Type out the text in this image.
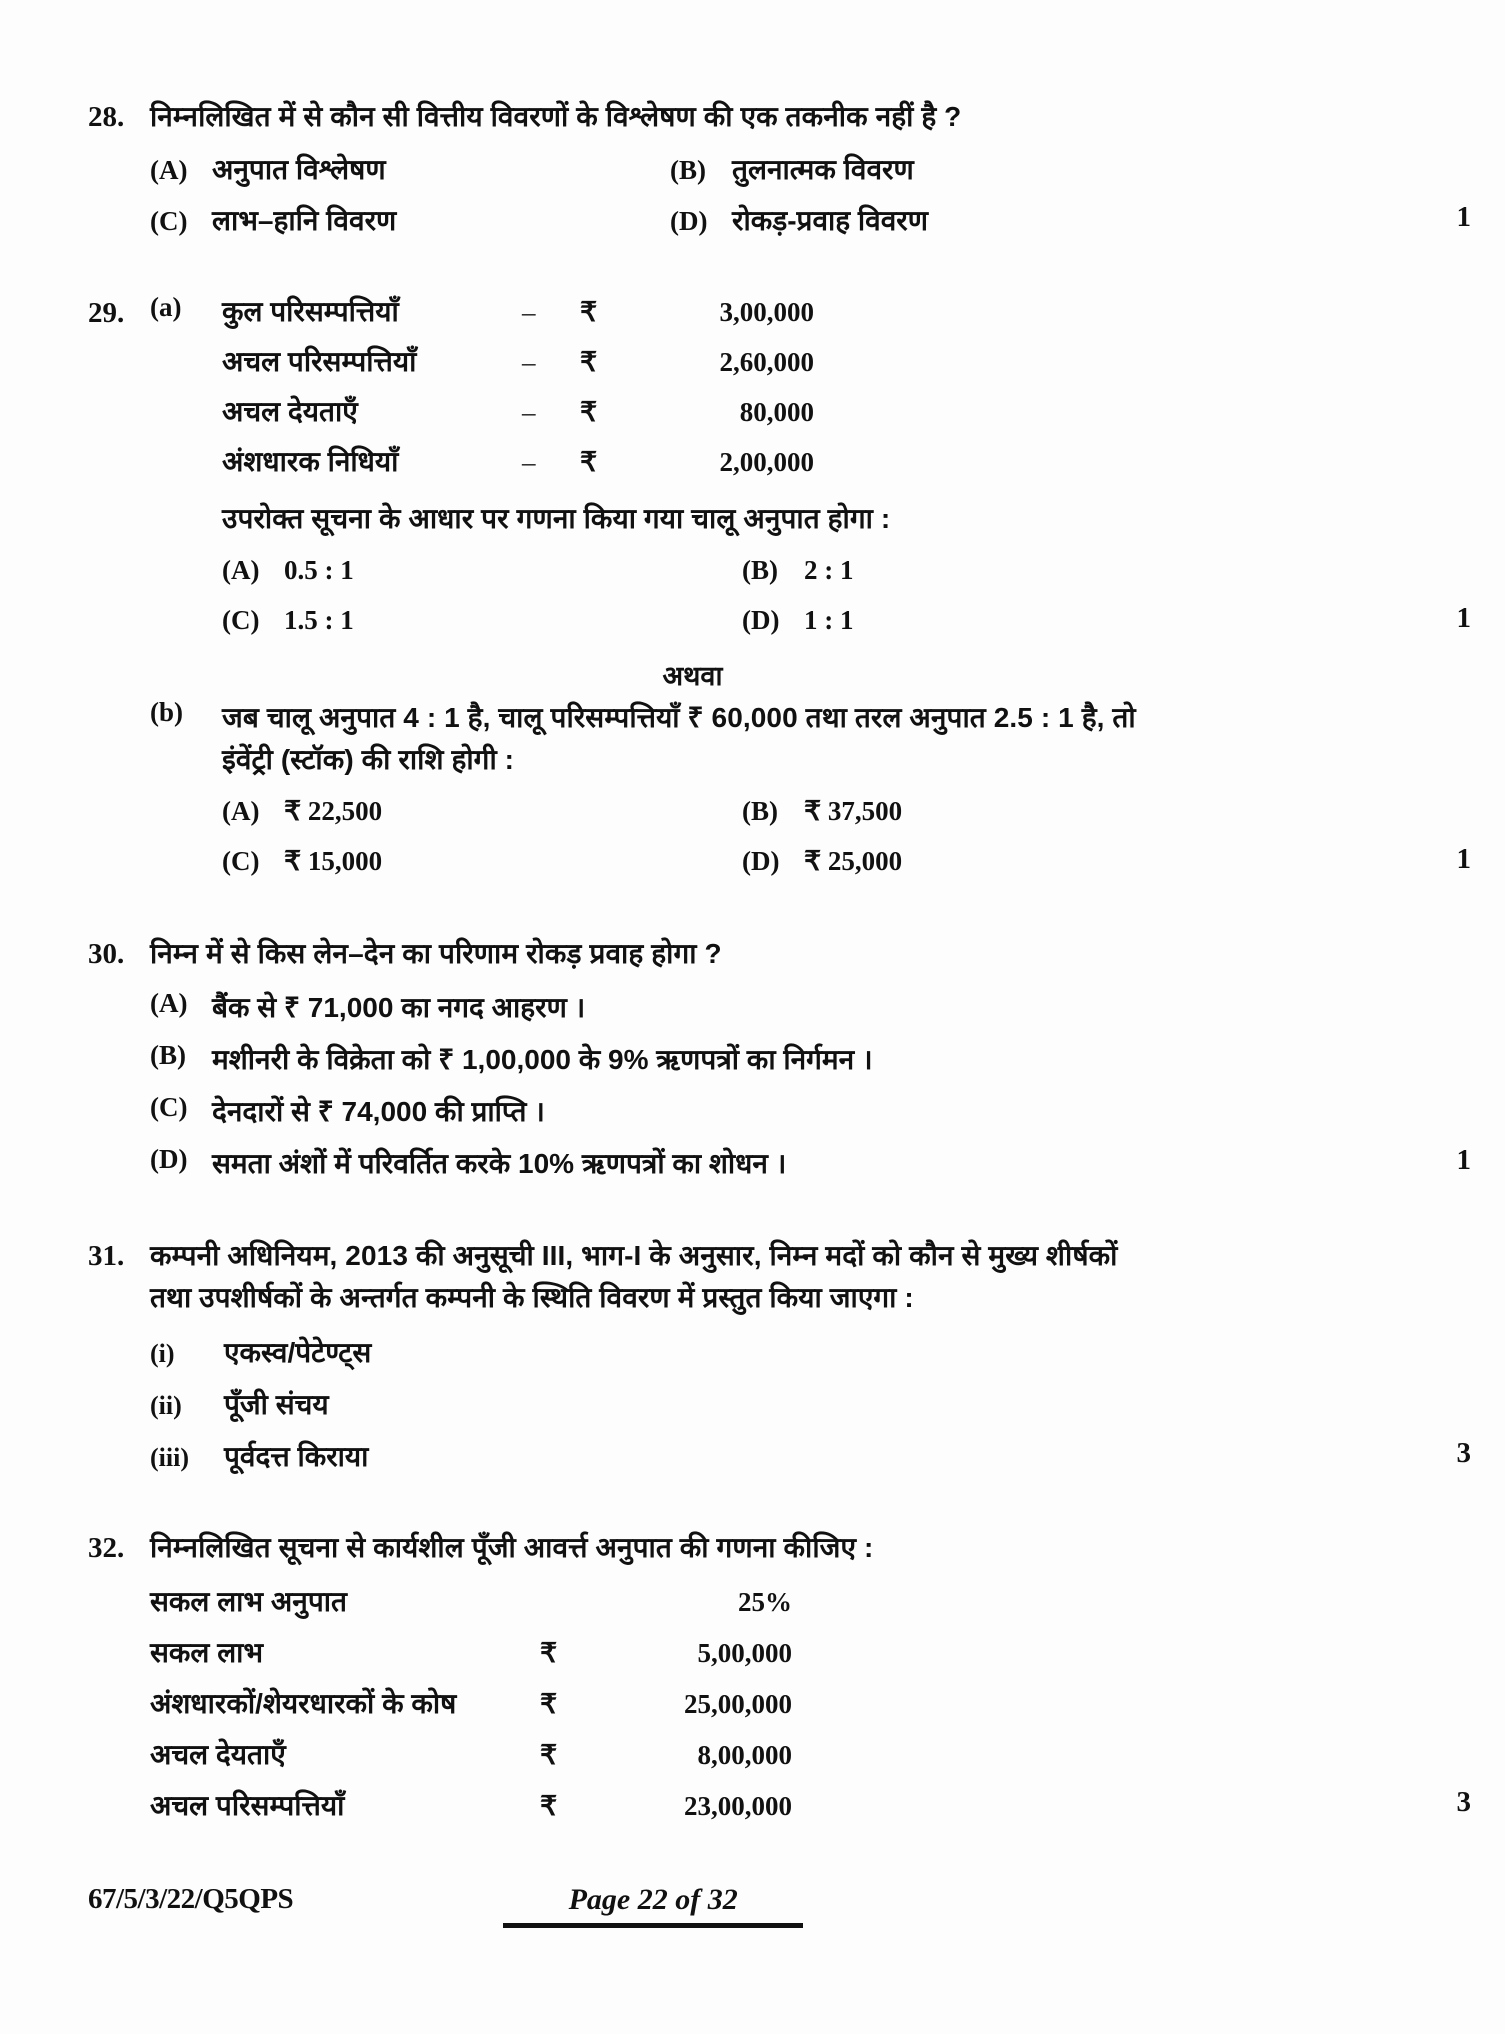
28. निम्नलिखित में से कौन सी वित्तीय विवरणों के विश्लेषण की एक तकनीक नहीं है ?
(A) अनुपात विश्लेषण	(B) तुलनात्मक विवरण
(C) लाभ–हानि विवरण	(D) रोकड़-प्रवाह विवरण	1
29. (a)	कुल परिसम्पत्तियाँ	–	₹	3,00,000
अचल परिसम्पत्तियाँ	–	₹	2,60,000
अचल देयताएँ	–	₹	80,000
अंशधारक निधियाँ	–	₹	2,00,000
उपरोक्त सूचना के आधार पर गणना किया गया चालू अनुपात होगा :
(A) 0.5 : 1	(B) 2 : 1
(C) 1.5 : 1	(D) 1 : 1	1
अथवा
(b)	जब चालू अनुपात 4 : 1 है, चालू परिसम्पत्तियाँ ₹ 60,000 तथा तरल अनुपात 2.5 : 1 है, तो
इंवेंट्री (स्टॉक) की राशि होगी :
(A) ₹ 22,500	(B) ₹ 37,500
(C) ₹ 15,000	(D) ₹ 25,000	1
30. निम्न में से किस लेन–देन का परिणाम रोकड़ प्रवाह होगा ?
(A) बैंक से ₹ 71,000 का नगद आहरण ।
(B) मशीनरी के विक्रेता को ₹ 1,00,000 के 9% ऋणपत्रों का निर्गमन ।
(C) देनदारों से ₹ 74,000 की प्राप्ति ।
(D) समता अंशों में परिवर्तित करके 10% ऋणपत्रों का शोधन ।	1
31. कम्पनी अधिनियम, 2013 की अनुसूची III, भाग-I के अनुसार, निम्न मदों को कौन से मुख्य शीर्षकों
तथा उपशीर्षकों के अन्तर्गत कम्पनी के स्थिति विवरण में प्रस्तुत किया जाएगा :
(i)	एकस्व/पेटेण्ट्स
(ii)	पूँजी संचय
(iii)	पूर्वदत्त किराया	3
32. निम्नलिखित सूचना से कार्यशील पूँजी आवर्त्त अनुपात की गणना कीजिए :
सकल लाभ अनुपात	25%
सकल लाभ	₹	5,00,000
अंशधारकों/शेयरधारकों के कोष	₹	25,00,000
अचल देयताएँ	₹	8,00,000
अचल परिसम्पत्तियाँ	₹	23,00,000	3
67/5/3/22/Q5QPS	Page 22 of 32
